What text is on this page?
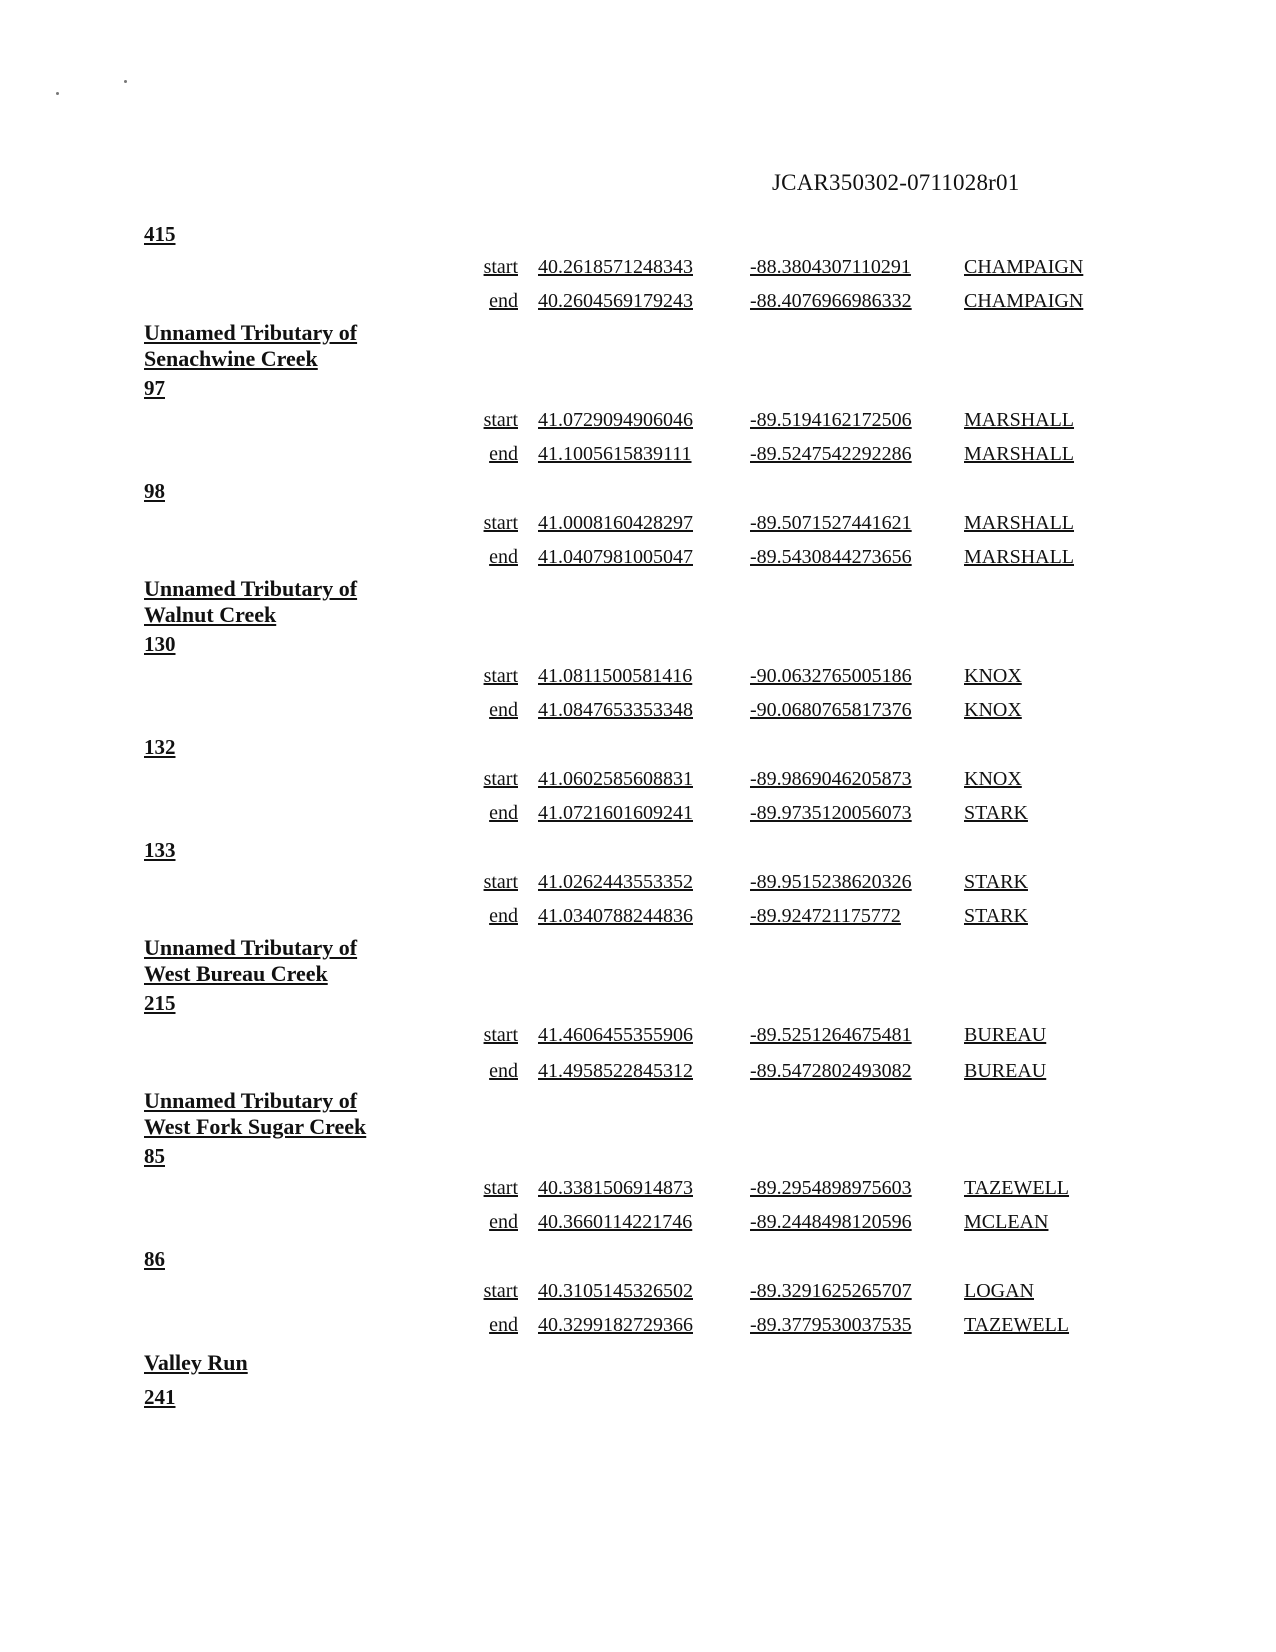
JCAR350302-0711028r01
415
start 40.2618571248343	-88.3804307110291	CHAMPAIGN
end 40.2604569179243	-88.4076966986332	CHAMPAIGN
Unnamed Tributary of Senachwine Creek
97
start 41.0729094906046	-89.5194162172506	MARSHALL
end 41.1005615839111	-89.5247542292286	MARSHALL
98
start 41.0008160428297	-89.5071527441621	MARSHALL
end 41.0407981005047	-89.5430844273656	MARSHALL
Unnamed Tributary of Walnut Creek
130
start 41.0811500581416	-90.0632765005186	KNOX
end 41.0847653353348	-90.0680765817376	KNOX
132
start 41.0602585608831	-89.9869046205873	KNOX
end 41.0721601609241	-89.9735120056073	STARK
133
start 41.0262443553352	-89.9515238620326	STARK
end 41.0340788244836	-89.924721175772	STARK
Unnamed Tributary of West Bureau Creek
215
start 41.4606455355906	-89.5251264675481	BUREAU
end 41.4958522845312	-89.5472802493082	BUREAU
Unnamed Tributary of West Fork Sugar Creek
85
start 40.3381506914873	-89.2954898975603	TAZEWELL
end 40.3660114221746	-89.2448498120596	MCLEAN
86
start 40.3105145326502	-89.3291625265707	LOGAN
end 40.3299182729366	-89.3779530037535	TAZEWELL
Valley Run
241
